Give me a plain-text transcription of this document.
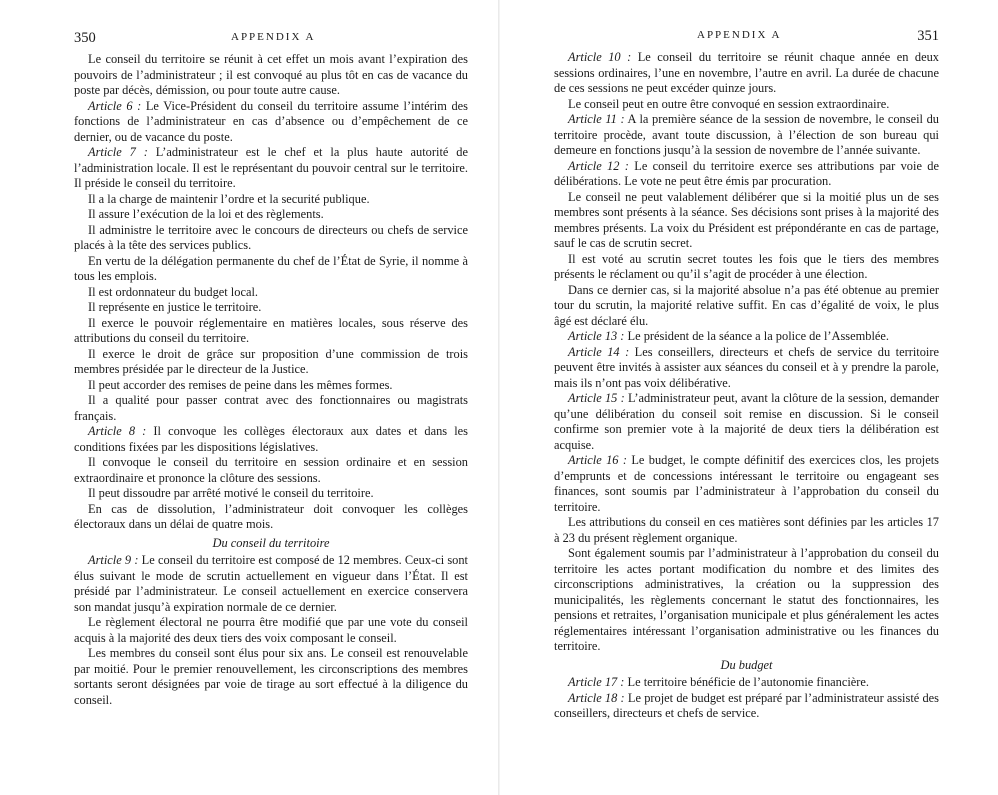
350	APPENDIX A

Le conseil du territoire se réunit à cet effet un mois avant l’expiration des pouvoirs de l’administrateur ; il est convoqué au plus tôt en cas de vacance du poste par décès, démission, ou pour toute autre cause.

Article 6 : Le Vice-Président du conseil du territoire assume l’intérim des fonctions de l’administrateur en cas d’absence ou d’empêchement de ce dernier, ou de vacance du poste.

Article 7 : L’administrateur est le chef et la plus haute autorité de l’administration locale. Il est le représentant du pouvoir central sur le territoire. Il préside le conseil du territoire.

Il a la charge de maintenir l’ordre et la securité publique.

Il assure l’exécution de la loi et des règlements.

Il administre le territoire avec le concours de directeurs ou chefs de service placés à la tête des services publics.

En vertu de la délégation permanente du chef de l’État de Syrie, il nomme à tous les emplois.

Il est ordonnateur du budget local.

Il représente en justice le territoire.

Il exerce le pouvoir réglementaire en matières locales, sous réserve des attributions du conseil du territoire.

Il exerce le droit de grâce sur proposition d’une commission de trois membres présidée par le directeur de la Justice.

Il peut accorder des remises de peine dans les mêmes formes.

Il a qualité pour passer contrat avec des fonctionnaires ou magistrats français.

Article 8 : Il convoque les collèges électoraux aux dates et dans les conditions fixées par les dispositions législatives.

Il convoque le conseil du territoire en session ordinaire et en session extraordinaire et prononce la clôture des sessions.

Il peut dissoudre par arrêté motivé le conseil du territoire.

En cas de dissolution, l’administrateur doit convoquer les collèges électoraux dans un délai de quatre mois.

Du conseil du territoire

Article 9 : Le conseil du territoire est composé de 12 membres. Ceux-ci sont élus suivant le mode de scrutin actuellement en vigueur dans l’État. Il est présidé par l’administrateur. Le conseil actuellement en exercice conservera son mandat jusqu’à expiration normale de ce dernier.

Le règlement électoral ne pourra être modifié que par une vote du conseil acquis à la majorité des deux tiers des voix composant le conseil.

Les membres du conseil sont élus pour six ans. Le conseil est renouvelable par moitié. Pour le premier renouvellement, les circonscriptions des membres sortants seront désignées par voie de tirage au sort effectué à la diligence du conseil.

APPENDIX A	351

Article 10 : Le conseil du territoire se réunit chaque année en deux sessions ordinaires, l’une en novembre, l’autre en avril. La durée de chacune de ces sessions ne peut excéder quinze jours.

Le conseil peut en outre être convoqué en session extraordinaire.

Article 11 : A la première séance de la session de novembre, le conseil du territoire procède, avant toute discussion, à l’élection de son bureau qui demeure en fonctions jusqu’à la session de novembre de l’année suivante.

Article 12 : Le conseil du territoire exerce ses attributions par voie de délibérations. Le vote ne peut être émis par procuration.

Le conseil ne peut valablement délibérer que si la moitié plus un de ses membres sont présents à la séance. Ses décisions sont prises à la majorité des membres présents. La voix du Président est prépondérante en cas de partage, sauf le cas de scrutin secret.

Il est voté au scrutin secret toutes les fois que le tiers des membres présents le réclament ou qu’il s’agit de procéder à une élection.

Dans ce dernier cas, si la majorité absolue n’a pas été obtenue au premier tour du scrutin, la majorité relative suffit. En cas d’égalité de voix, le plus âgé est déclaré élu.

Article 13 : Le président de la séance a la police de l’Assemblée.

Article 14 : Les conseillers, directeurs et chefs de service du territoire peuvent être invités à assister aux séances du conseil et à y prendre la parole, mais ils n’ont pas voix délibérative.

Article 15 : L’administrateur peut, avant la clôture de la session, demander qu’une délibération du conseil soit remise en discussion. Si le conseil confirme son premier vote à la majorité de deux tiers la délibération est acquise.

Article 16 : Le budget, le compte définitif des exercices clos, les projets d’emprunts et de concessions intéressant le territoire ou engageant ses finances, sont soumis par l’administrateur à l’approbation du conseil du territoire.

Les attributions du conseil en ces matières sont définies par les articles 17 à 23 du présent règlement organique.

Sont également soumis par l’administrateur à l’approbation du conseil du territoire les actes portant modification du nombre et des limites des circonscriptions administratives, la création ou la suppression des municipalités, les règlements concernant le statut des fonctionnaires, les pensions et retraites, l’organisation municipale et plus généralement les actes réglementaires intéressant l’organisation administrative ou les finances du territoire.

Du budget

Article 17 : Le territoire bénéficie de l’autonomie financière.

Article 18 : Le projet de budget est préparé par l’administrateur assisté des conseillers, directeurs et chefs de service.
